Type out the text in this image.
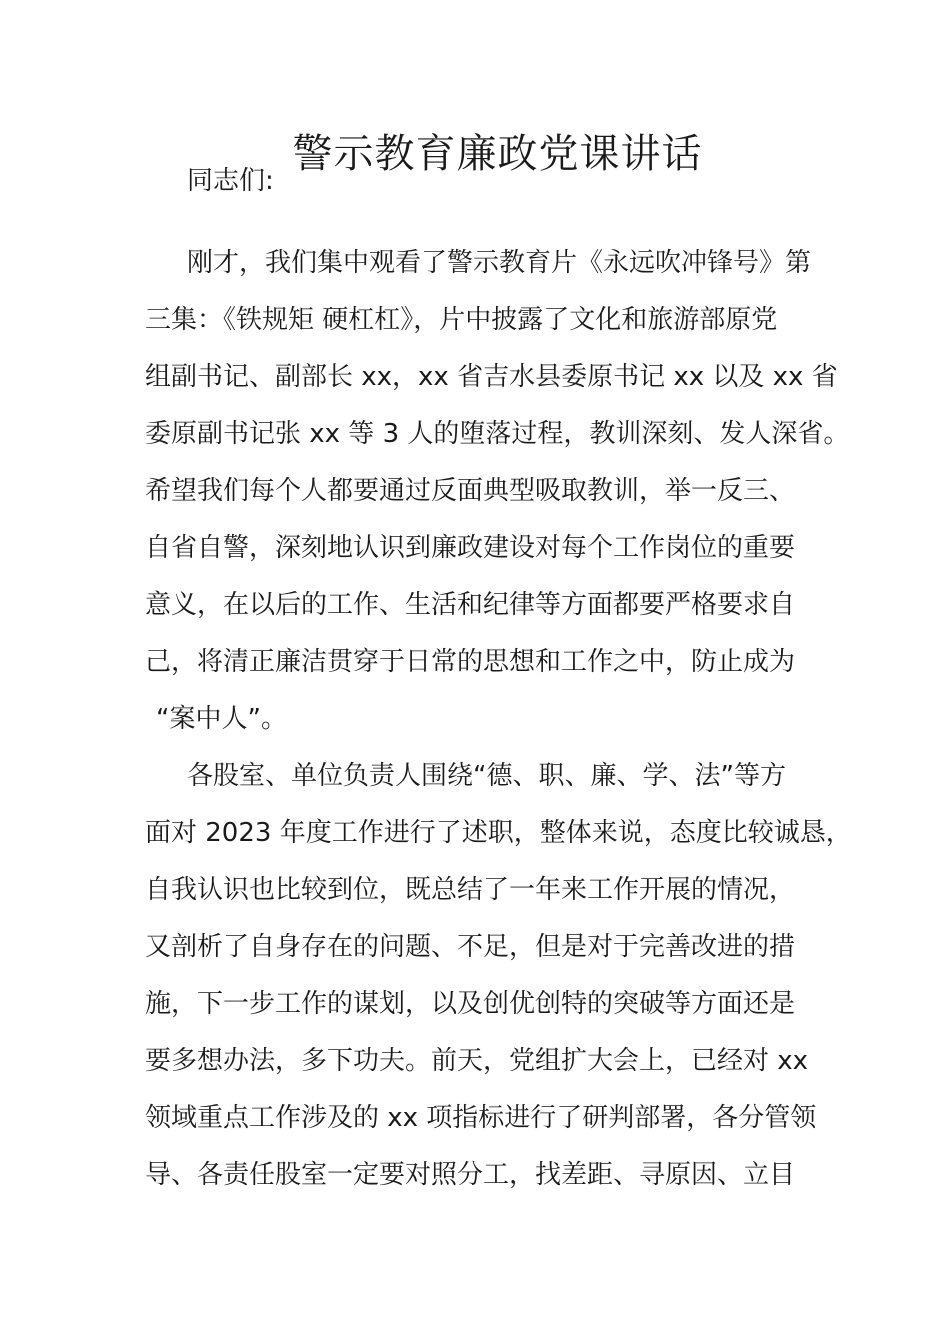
警示教育廉政党课讲话

同志们:

刚才，我们集中观看了警示教育片《永远吹冲锋号》第

三集：《铁规矩 硬杠杠》，片中披露了文化和旅游部原党

组副书记、副部长 xx，xx 省吉水县委原书记 xx 以及 xx 省

委原副书记张 xx 等 3 人的堕落过程，教训深刻、发人深省。

希望我们每个人都要通过反面典型吸取教训，举一反三、

自省自警，深刻地认识到廉政建设对每个工作岗位的重要

意义，在以后的工作、生活和纪律等方面都要严格要求自

己，将清正廉洁贯穿于日常的思想和工作之中，防止成为

“案中人”。

各股室、单位负责人围绕“德、职、廉、学、法”等方

面对 2023 年度工作进行了述职，整体来说，态度比较诚恳，

自我认识也比较到位，既总结了一年来工作开展的情况，

又剖析了自身存在的问题、不足，但是对于完善改进的措

施，下一步工作的谋划，以及创优创特的突破等方面还是

要多想办法，多下功夫。前天，党组扩大会上，已经对 xx

领域重点工作涉及的 xx 项指标进行了研判部署，各分管领

导、各责任股室一定要对照分工，找差距、寻原因、立目
